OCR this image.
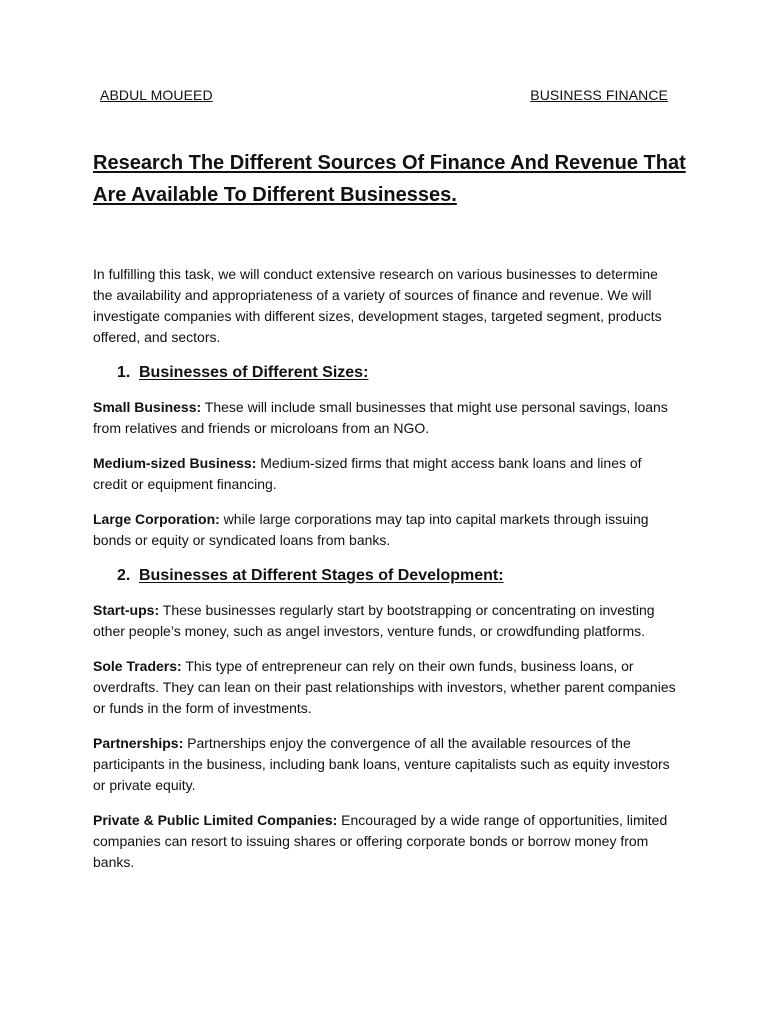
ABDUL MOUEED	BUSINESS FINANCE
Research The Different Sources Of Finance And Revenue That Are Available To Different Businesses.

In fulfilling this task, we will conduct extensive research on various businesses to determine the availability and appropriateness of a variety of sources of finance and revenue. We will investigate companies with different sizes, development stages, targeted segment, products offered, and sectors.

1. Businesses of Different Sizes:

Small Business: These will include small businesses that might use personal savings, loans from relatives and friends or microloans from an NGO.

Medium-sized Business: Medium-sized firms that might access bank loans and lines of credit or equipment financing.

Large Corporation: while large corporations may tap into capital markets through issuing bonds or equity or syndicated loans from banks.

2. Businesses at Different Stages of Development:

Start-ups: These businesses regularly start by bootstrapping or concentrating on investing other people’s money, such as angel investors, venture funds, or crowdfunding platforms.

Sole Traders: This type of entrepreneur can rely on their own funds, business loans, or overdrafts. They can lean on their past relationships with investors, whether parent companies or funds in the form of investments.

Partnerships: Partnerships enjoy the convergence of all the available resources of the participants in the business, including bank loans, venture capitalists such as equity investors or private equity.

Private & Public Limited Companies: Encouraged by a wide range of opportunities, limited companies can resort to issuing shares or offering corporate bonds or borrow money from banks.
